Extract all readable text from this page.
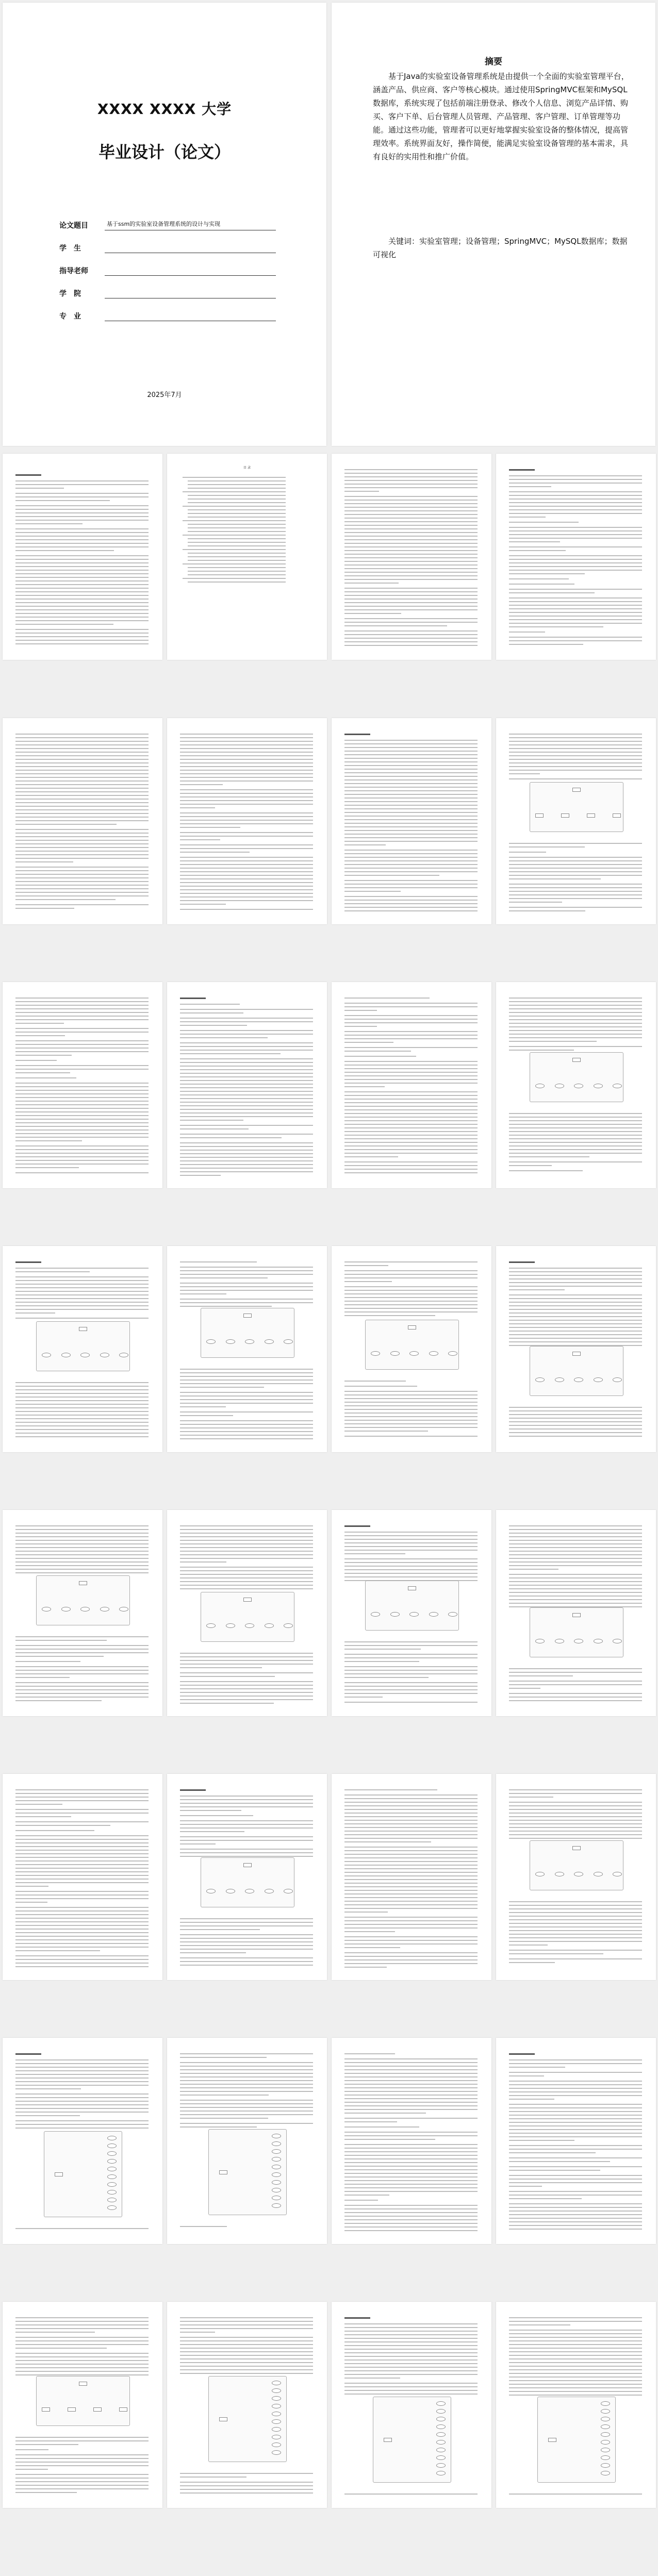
XXXX XXXX 大学
毕业设计（论文）
论文题目	基于ssm的实验室设备管理系统的设计与实现
学　生
指导老师
学　院
专　业
2025年7月
摘要
基于Java的实验室设备管理系统是由提供一个全面的实验室管理平台，涵盖产品、供应商、客户等核心模块。通过使用SpringMVC框架和MySQL数据库，系统实现了包括前端注册登录、修改个人信息、浏览产品详情、购买、客户下单、后台管理人员管理、产品管理、客户管理、订单管理等功能。通过这些功能，管理者可以更好地掌握实验室设备的整体情况，提高管理效率。系统界面友好，操作简便，能满足实验室设备管理的基本需求，具有良好的实用性和推广价值。
关键词：实验室管理；设备管理；SpringMVC；MySQL数据库；数据可视化
目 录
